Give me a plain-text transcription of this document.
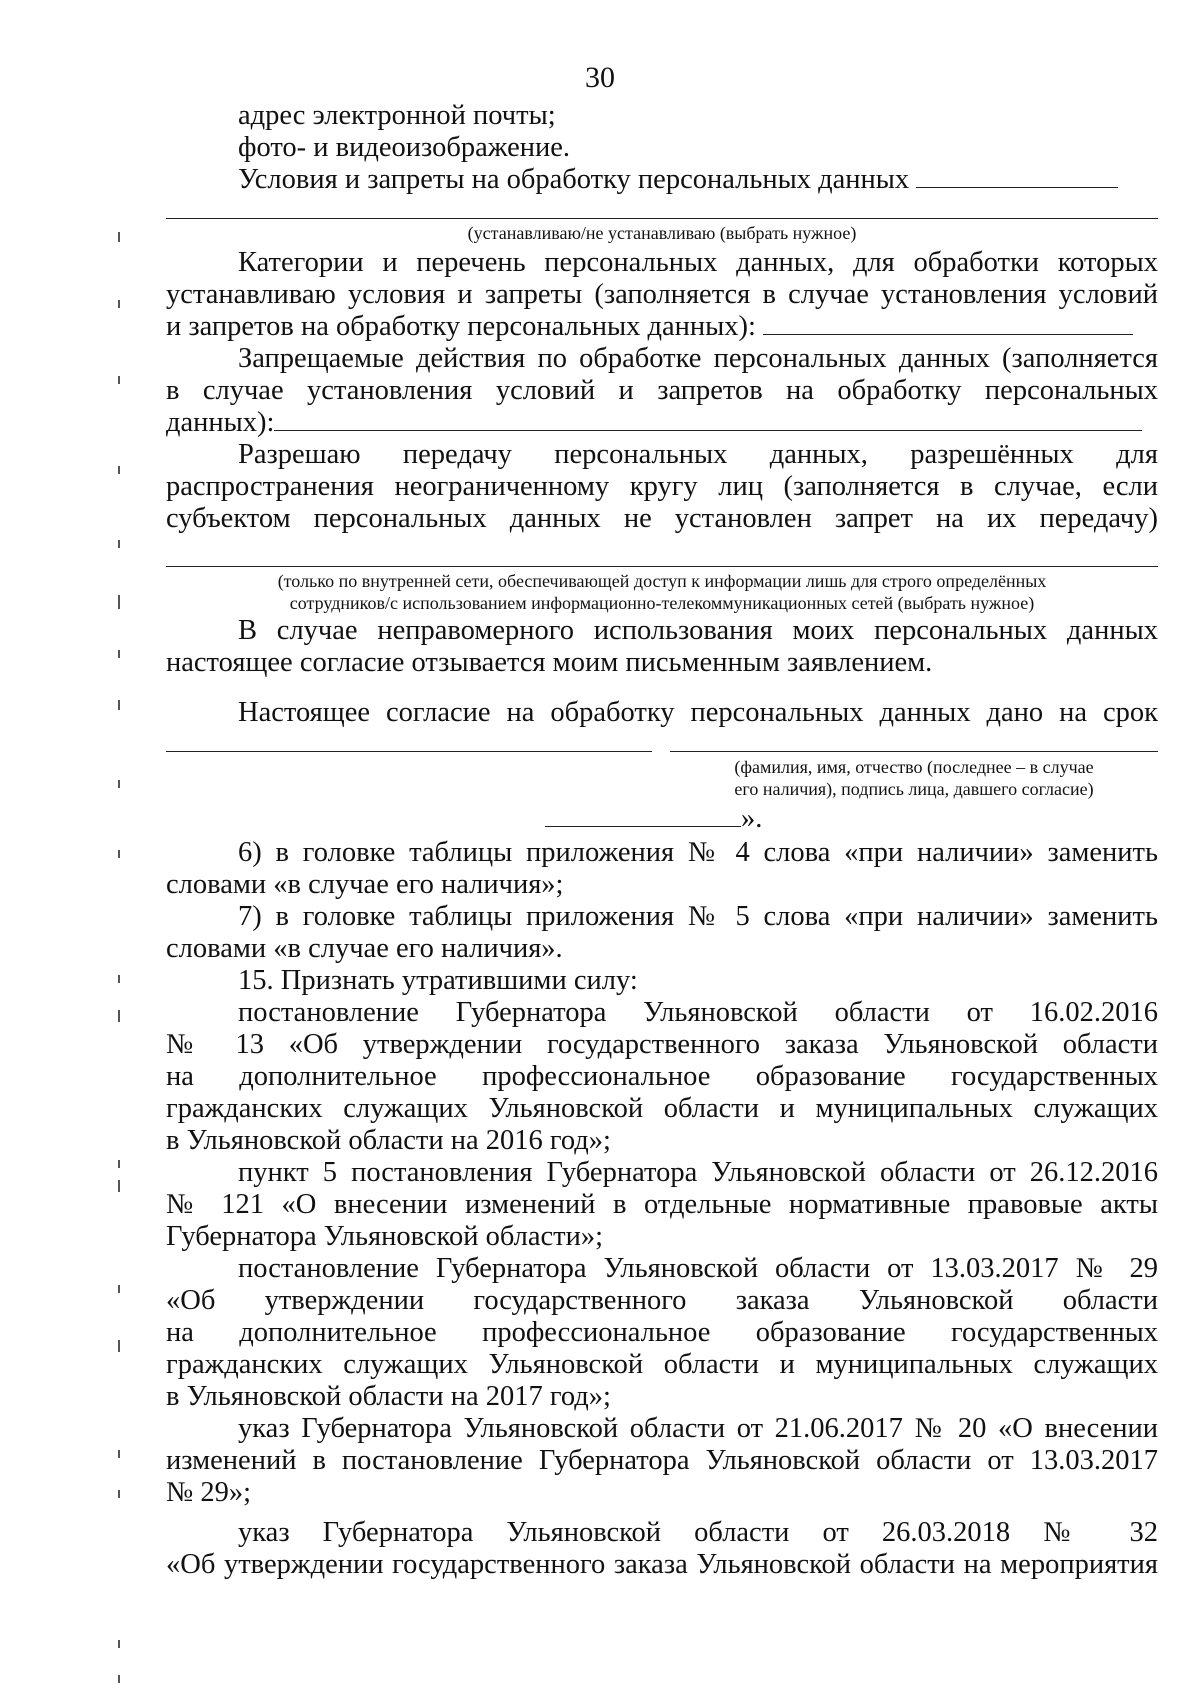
30
адрес электронной почты;
фото- и видеоизображение.
Условия и запреты на обработку персональных данных
(устанавливаю/не устанавливаю (выбрать нужное)
Категории и перечень персональных данных, для обработки которых
устанавливаю условия и запреты (заполняется в случае установления условий
и запретов на обработку персональных данных):
Запрещаемые действия по обработке персональных данных (заполняется
в случае установления условий и запретов на обработку персональных
данных):
Разрешаю передачу персональных данных, разрешённых для
распространения неограниченному кругу лиц (заполняется в случае, если
субъектом персональных данных не установлен запрет на их передачу)
(только по внутренней сети, обеспечивающей доступ к информации лишь для строго определённых
сотрудников/с использованием информационно-телекоммуникационных сетей (выбрать нужное)
В случае неправомерного использования моих персональных данных
настоящее согласие отзывается моим письменным заявлением.
Настоящее согласие на обработку персональных данных дано на срок
(фамилия, имя, отчество (последнее – в случае
его наличия), подпись лица, давшего согласие)
».
6) в головке таблицы приложения № 4 слова «при наличии» заменить
словами «в случае его наличия»;
7) в головке таблицы приложения № 5 слова «при наличии» заменить
словами «в случае его наличия».
15. Признать утратившими силу:
постановление Губернатора Ульяновской области от 16.02.2016
№ 13 «Об утверждении государственного заказа Ульяновской области
на дополнительное профессиональное образование государственных
гражданских служащих Ульяновской области и муниципальных служащих
в Ульяновской области на 2016 год»;
пункт 5 постановления Губернатора Ульяновской области от 26.12.2016
№ 121 «О внесении изменений в отдельные нормативные правовые акты
Губернатора Ульяновской области»;
постановление Губернатора Ульяновской области от 13.03.2017 № 29
«Об утверждении государственного заказа Ульяновской области
на дополнительное профессиональное образование государственных
гражданских служащих Ульяновской области и муниципальных служащих
в Ульяновской области на 2017 год»;
указ Губернатора Ульяновской области от 21.06.2017 № 20 «О внесении
изменений в постановление Губернатора Ульяновской области от 13.03.2017
№ 29»;
указ Губернатора Ульяновской области от 26.03.2018 № 32
«Об утверждении государственного заказа Ульяновской области на мероприятия
